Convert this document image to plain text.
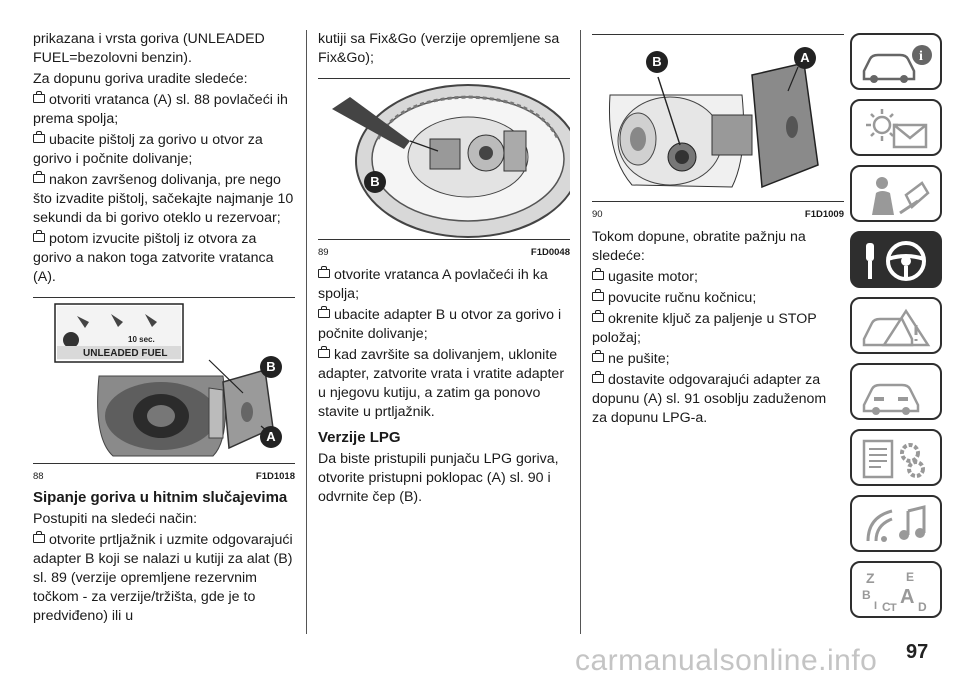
prikazana i vrsta goriva (UNLEADED FUEL=bezolovni benzin).

Za dopunu goriva uradite sledeće:

otvoriti vratanca (A) sl. 88 povlačeći ih prema spolja;

ubacite pištolj za gorivo u otvor za gorivo i počnite dolivanje;

nakon završenog dolivanja, pre nego što izvadite pištolj, sačekajte najmanje 10 sekundi da bi gorivo oteklo u rezervoar;

potom izvucite pištolj iz otvora za gorivo a nakon toga zatvorite vratanca (A).

10 sec.
UNLEADED FUEL
B
A
88	F1D1018
Sipanje goriva u hitnim slučajevima

Postupiti na sledeći način:

otvorite prtljažnik i uzmite odgovarajući adapter B koji se nalazi u kutiji za alat (B) sl. 89 (verzije opremljene rezervnim točkom - za verzije/tržišta, gde je to predviđeno) ili u

kutiji sa Fix&Go (verzije opremljene sa Fix&Go);

B
89	F1D0048

otvorite vratanca A povlačeći ih ka spolja;

ubacite adapter B u otvor za gorivo i počnite dolivanje;

kad završite sa dolivanjem, uklonite adapter, zatvorite vrata i vratite adapter u njegovu kutiju, a zatim ga ponovo stavite u prtljažnik.

Verzije LPG

Da biste pristupili punjaču LPG goriva, otvorite pristupni poklopac (A) sl. 90 i odvrnite čep (B).

B	A
90	F1D1009

Tokom dopune, obratite pažnju na sledeće:

ugasite motor;

povucite ručnu kočnicu;

okrenite ključ za paljenje u STOP položaj;

ne pušite;

dostavite odgovarajući adapter za dopunu (A) sl. 91 osoblju zaduženom za dopunu LPG-a.

i
Z	E
B A
C T D
I
carmanualsonline.info 97
